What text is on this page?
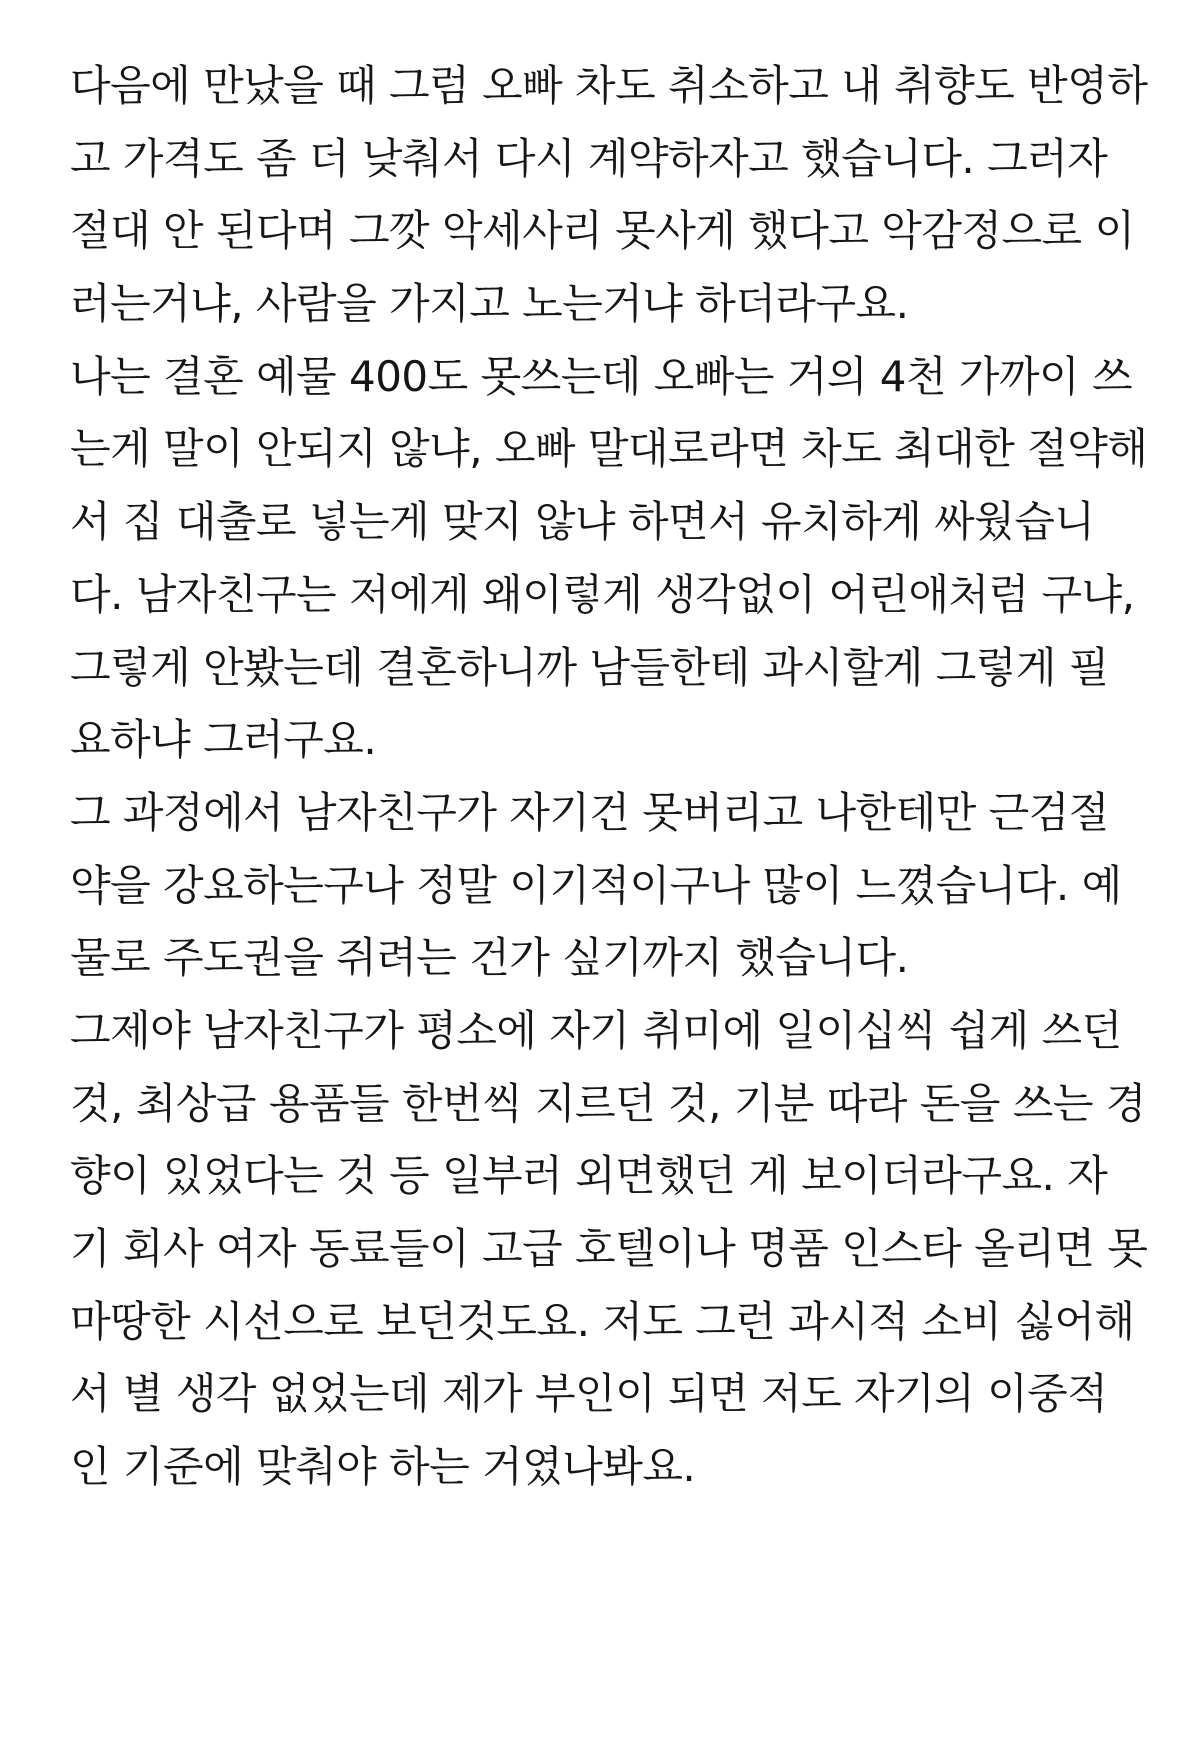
다음에 만났을 때 그럼 오빠 차도 취소하고 내 취향도 반영하
고 가격도 좀 더 낮춰서 다시 계약하자고 했습니다. 그러자
절대 안 된다며 그깟 악세사리 못사게 했다고 악감정으로 이
러는거냐, 사람을 가지고 노는거냐 하더라구요.
나는 결혼 예물 400도 못쓰는데 오빠는 거의 4천 가까이 쓰
는게 말이 안되지 않냐, 오빠 말대로라면 차도 최대한 절약해
서 집 대출로 넣는게 맞지 않냐 하면서 유치하게 싸웠습니
다. 남자친구는 저에게 왜이렇게 생각없이 어린애처럼 구냐,
그렇게 안봤는데 결혼하니까 남들한테 과시할게 그렇게 필
요하냐 그러구요.
그 과정에서 남자친구가 자기건 못버리고 나한테만 근검절
약을 강요하는구나 정말 이기적이구나 많이 느꼈습니다. 예
물로 주도권을 쥐려는 건가 싶기까지 했습니다.
그제야 남자친구가 평소에 자기 취미에 일이십씩 쉽게 쓰던
것, 최상급 용품들 한번씩 지르던 것, 기분 따라 돈을 쓰는 경
향이 있었다는 것 등 일부러 외면했던 게 보이더라구요. 자
기 회사 여자 동료들이 고급 호텔이나 명품 인스타 올리면 못
마땅한 시선으로 보던것도요. 저도 그런 과시적 소비 싫어해
서 별 생각 없었는데 제가 부인이 되면 저도 자기의 이중적
인 기준에 맞춰야 하는 거였나봐요.
